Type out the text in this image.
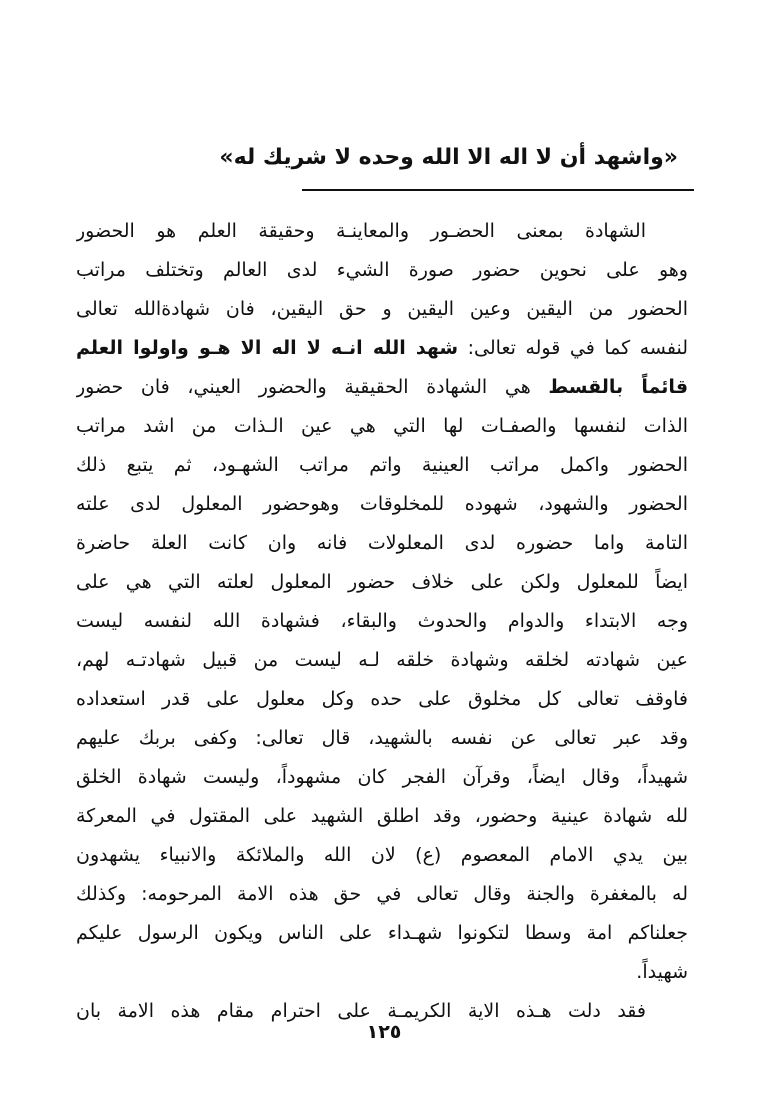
«واشهد أن لا اله الا الله وحده لا شريك له»
الشهادة بمعنى الحضـور والمعاينـة وحقيقة العلم هو الحضور
وهو على نحوين حضور صورة الشيء لدى العالم وتختلف مراتب
الحضور من اليقين وعين اليقين و حق اليقين، فان شهادةالله تعالى
لنفسه كما في قوله تعالى: شهد الله انـه لا اله الا هـو واولوا العلم
قائماً بالقسط هي الشهادة الحقيقية والحضور العيني، فان حضور
الذات لنفسها والصفـات لها التي هي عين الـذات من اشد مراتب
الحضور واكمل مراتب العينية واتم مراتب الشهـود، ثم يتبع ذلك
الحضور والشهود، شهوده للمخلوقات وهوحضور المعلول لدى علته
التامة واما حضوره لدى المعلولات فانه وان كانت العلة حاضرة
ايضاً للمعلول ولكن على خلاف حضور المعلول لعلته التي هي على
وجه الابتداء والدوام والحدوث والبقاء، فشهادة الله لنفسه ليست
عين شهادته لخلقه وشهادة خلقه لـه ليست من قبيل شهادتـه لهم،
فاوقف تعالى كل مخلوق على حده وكل معلول على قدر استعداده
وقد عبر تعالى عن نفسه بالشهيد، قال تعالى: وكفى بربك عليهم
شهيداً، وقال ايضاً، وقرآن الفجر كان مشهوداً، وليست شهادة الخلق
لله شهادة عينية وحضور، وقد اطلق الشهيد على المقتول في المعركة
بين يدي الامام المعصوم (ع) لان الله والملائكة والانبياء يشهدون
له بالمغفرة والجنة وقال تعالى في حق هذه الامة المرحومه: وكذلك
جعلناكم امة وسطا لتكونوا شهـداء على الناس ويكون الرسول عليكم
شهيداً.
فقد دلت هـذه الاية الكريمـة على احترام مقام هذه الامة بان
١٢٥
